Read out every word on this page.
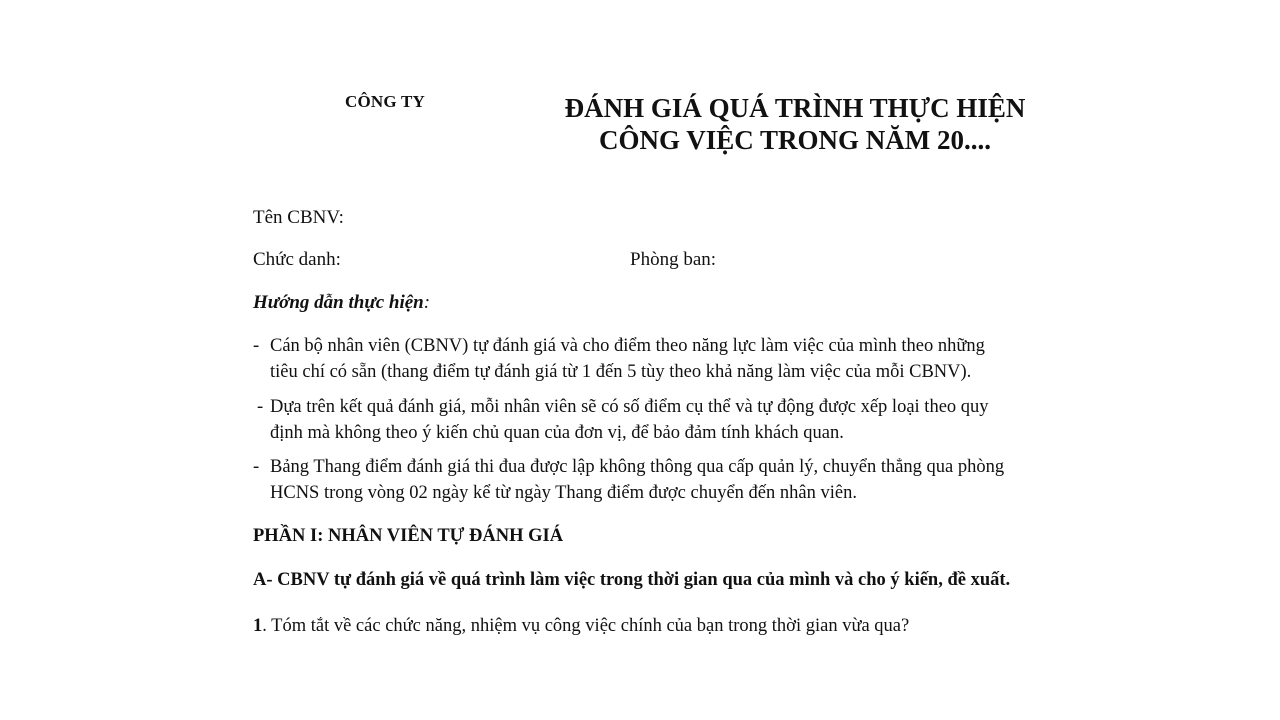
CÔNG TY	ĐÁNH GIÁ QUÁ TRÌNH THỰC HIỆN
CÔNG VIỆC TRONG NĂM 20....
Tên CBNV:
Chức danh:	Phòng ban:
Hướng dẫn thực hiện:
- Cán bộ nhân viên (CBNV) tự đánh giá và cho điểm theo năng lực làm việc của mình theo những
tiêu chí có sẵn (thang điểm tự đánh giá từ 1 đến 5 tùy theo khả năng làm việc của mỗi CBNV).
- Dựa trên kết quả đánh giá, mỗi nhân viên sẽ có số điểm cụ thể và tự động được xếp loại theo quy
định mà không theo ý kiến chủ quan của đơn vị, để bảo đảm tính khách quan.
- Bảng Thang điểm đánh giá thi đua được lập không thông qua cấp quản lý, chuyển thẳng qua phòng
HCNS trong vòng 02 ngày kể từ ngày Thang điểm được chuyển đến nhân viên.
PHẦN I: NHÂN VIÊN TỰ ĐÁNH GIÁ
A- CBNV tự đánh giá về quá trình làm việc trong thời gian qua của mình và cho ý kiến, đề xuất.
1. Tóm tắt về các chức năng, nhiệm vụ công việc chính của bạn trong thời gian vừa qua?
